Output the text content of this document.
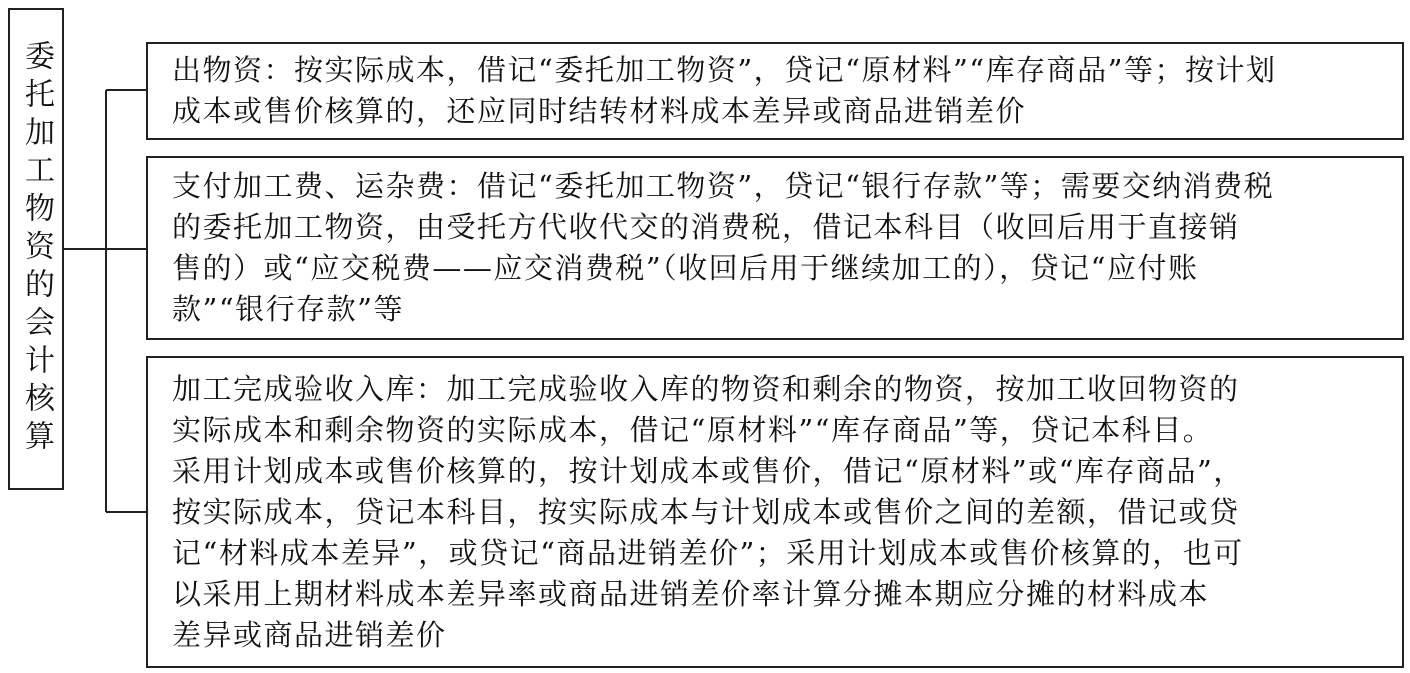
委托加工物资的会计核算	出物资：按实际成本，借记“委托加工物资”，贷记“原材料”“库存商品”等；按计划
成本或售价核算的，还应同时结转材料成本差异或商品进销差价

支付加工费、运杂费：借记“委托加工物资”，贷记“银行存款”等；需要交纳消费税
的委托加工物资，由受托方代收代交的消费税，借记本科目（收回后用于直接销
售的）或“应交税费——应交消费税”（收回后用于继续加工的），贷记“应付账
款”“银行存款”等

加工完成验收入库：加工完成验收入库的物资和剩余的物资，按加工收回物资的
实际成本和剩余物资的实际成本，借记“原材料”“库存商品”等，贷记本科目。
采用计划成本或售价核算的，按计划成本或售价，借记“原材料”或“库存商品”，
按实际成本，贷记本科目，按实际成本与计划成本或售价之间的差额，借记或贷
记“材料成本差异”，或贷记“商品进销差价”；采用计划成本或售价核算的，也可
以采用上期材料成本差异率或商品进销差价率计算分摊本期应分摊的材料成本
差异或商品进销差价
